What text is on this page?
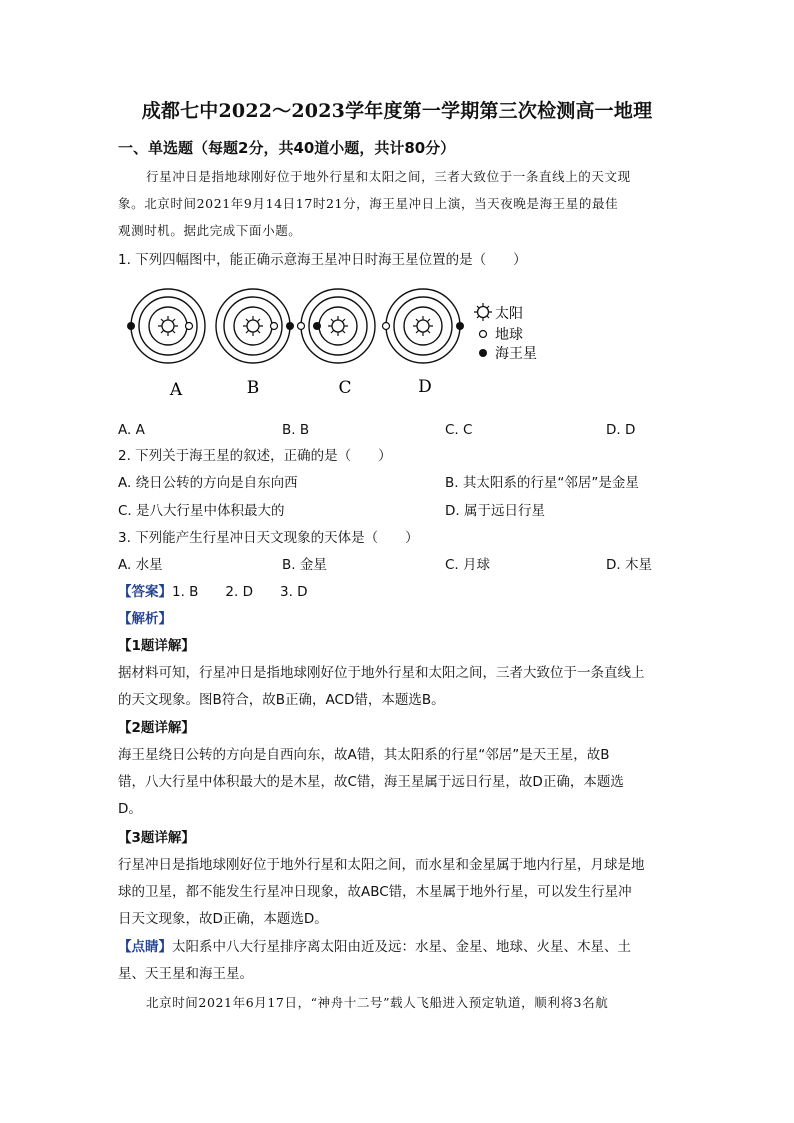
成都七中2022～2023学年度第一学期第三次检测高一地理
一、单选题（每题2分，共40道小题，共计80分）
行星冲日是指地球刚好位于地外行星和太阳之间，三者大致位于一条直线上的天文现
象。北京时间2021年9月14日17时21分，海王星冲日上演，当天夜晚是海王星的最佳
观测时机。据此完成下面小题。
1. 下列四幅图中，能正确示意海王星冲日时海王星位置的是（　　）
A	B	C	D
太阳
地球
海王星
A. A	B. B	C. C	D. D
2. 下列关于海王星的叙述，正确的是（　　）
A. 绕日公转的方向是自东向西	B. 其太阳系的行星“邻居”是金星
C. 是八大行星中体积最大的	D. 属于远日行星
3. 下列能产生行星冲日天文现象的天体是（　　）
A. 水星	B. 金星	C. 月球	D. 木星
【答案】1. B　　2. D　　3. D
【解析】
【1题详解】
据材料可知，行星冲日是指地球刚好位于地外行星和太阳之间，三者大致位于一条直线上
的天文现象。图B符合，故B正确，ACD错，本题选B。
【2题详解】
海王星绕日公转的方向是自西向东，故A错，其太阳系的行星“邻居”是天王星，故B
错，八大行星中体积最大的是木星，故C错，海王星属于远日行星，故D正确，本题选
D。
【3题详解】
行星冲日是指地球刚好位于地外行星和太阳之间，而水星和金星属于地内行星，月球是地
球的卫星，都不能发生行星冲日现象，故ABC错，木星属于地外行星，可以发生行星冲
日天文现象，故D正确，本题选D。
【点睛】太阳系中八大行星排序离太阳由近及远：水星、金星、地球、火星、木星、土
星、天王星和海王星。
北京时间2021年6月17日，“神舟十二号”载人飞船进入预定轨道，顺利将3名航
